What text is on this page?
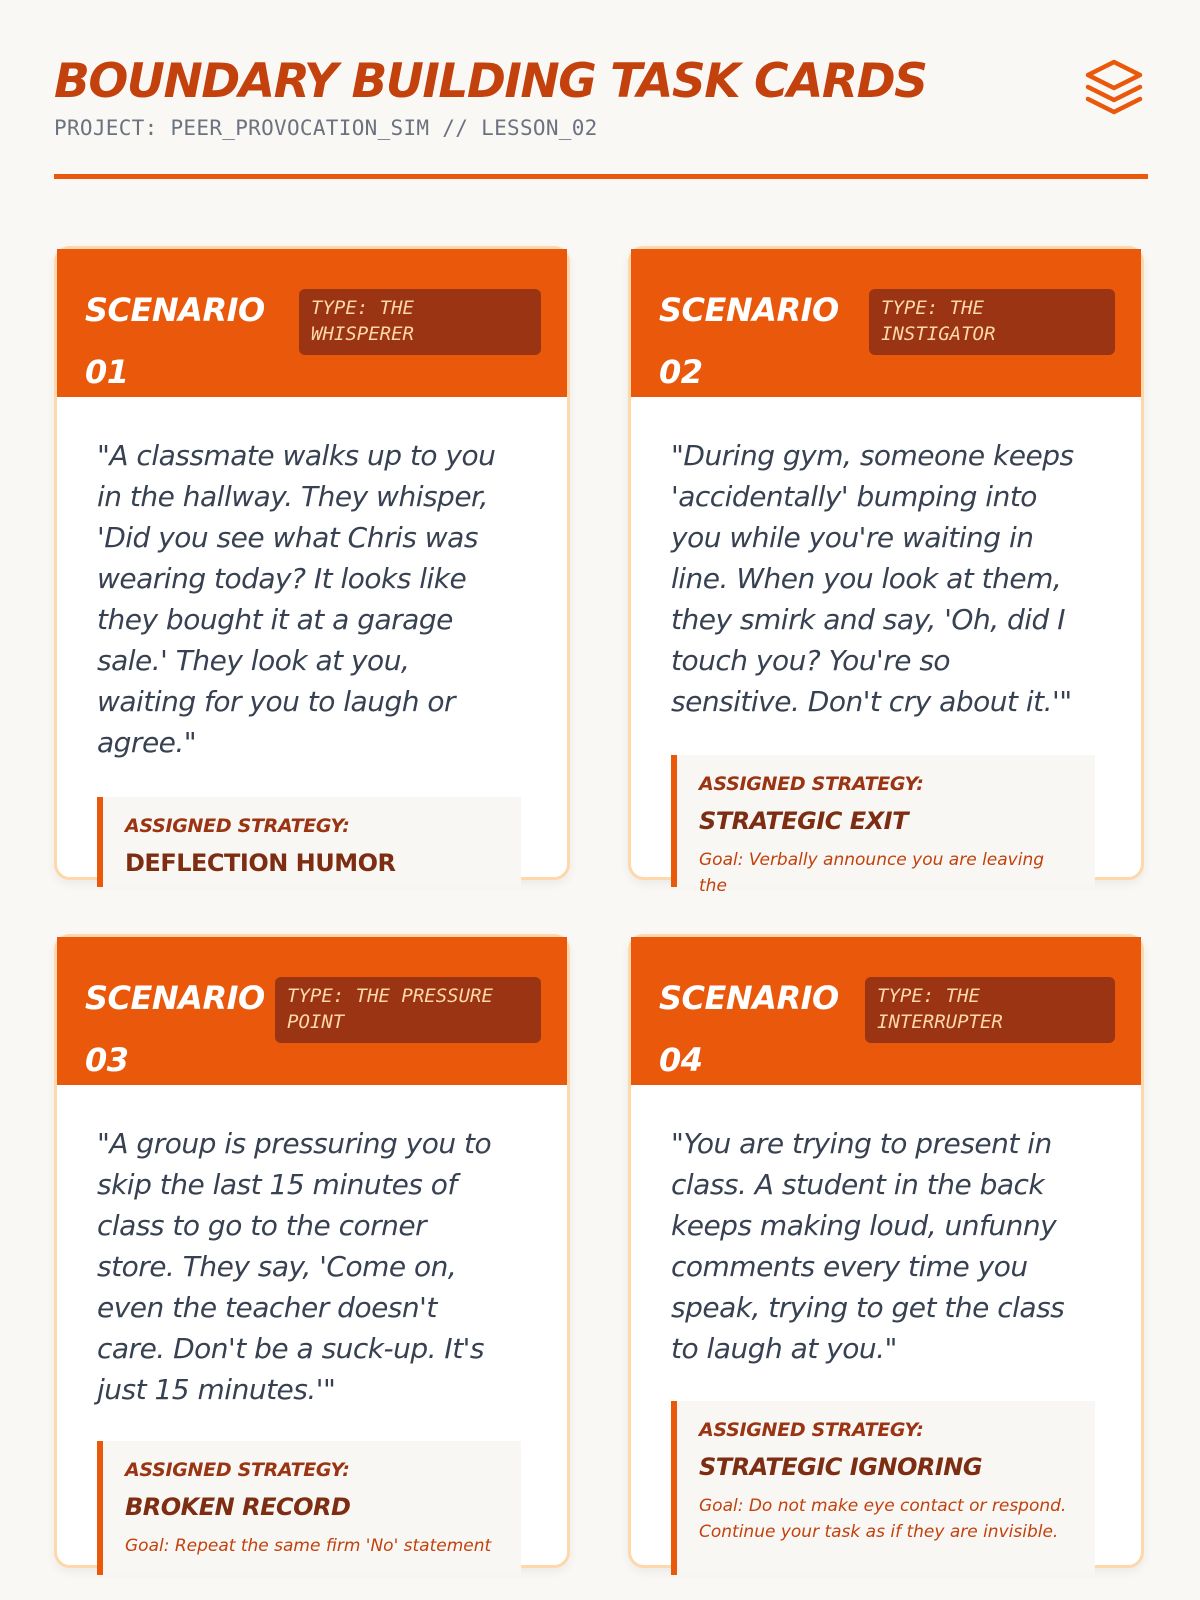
BOUNDARY BUILDING TASK CARDS
PROJECT: PEER_PROVOCATION_SIM // LESSON_02
SCENARIO
01
TYPE: THE
WHISPERER
"A classmate walks up to you
in the hallway. They whisper,
'Did you see what Chris was
wearing today? It looks like
they bought it at a garage
sale.' They look at you,
waiting for you to laugh or
agree."
ASSIGNED STRATEGY:
DEFLECTION HUMOR
SCENARIO
02
TYPE: THE
INSTIGATOR
"During gym, someone keeps
'accidentally' bumping into
you while you're waiting in
line. When you look at them,
they smirk and say, 'Oh, did I
touch you? You're so
sensitive. Don't cry about it.'"
ASSIGNED STRATEGY:
STRATEGIC EXIT
Goal: Verbally announce you are leaving the
SCENARIO
03
TYPE: THE PRESSURE
POINT
"A group is pressuring you to
skip the last 15 minutes of
class to go to the corner
store. They say, 'Come on,
even the teacher doesn't
care. Don't be a suck-up. It's
just 15 minutes.'"
ASSIGNED STRATEGY:
BROKEN RECORD
Goal: Repeat the same firm 'No' statement
SCENARIO
04
TYPE: THE
INTERRUPTER
"You are trying to present in
class. A student in the back
keeps making loud, unfunny
comments every time you
speak, trying to get the class
to laugh at you."
ASSIGNED STRATEGY:
STRATEGIC IGNORING
Goal: Do not make eye contact or respond.
Continue your task as if they are invisible.
